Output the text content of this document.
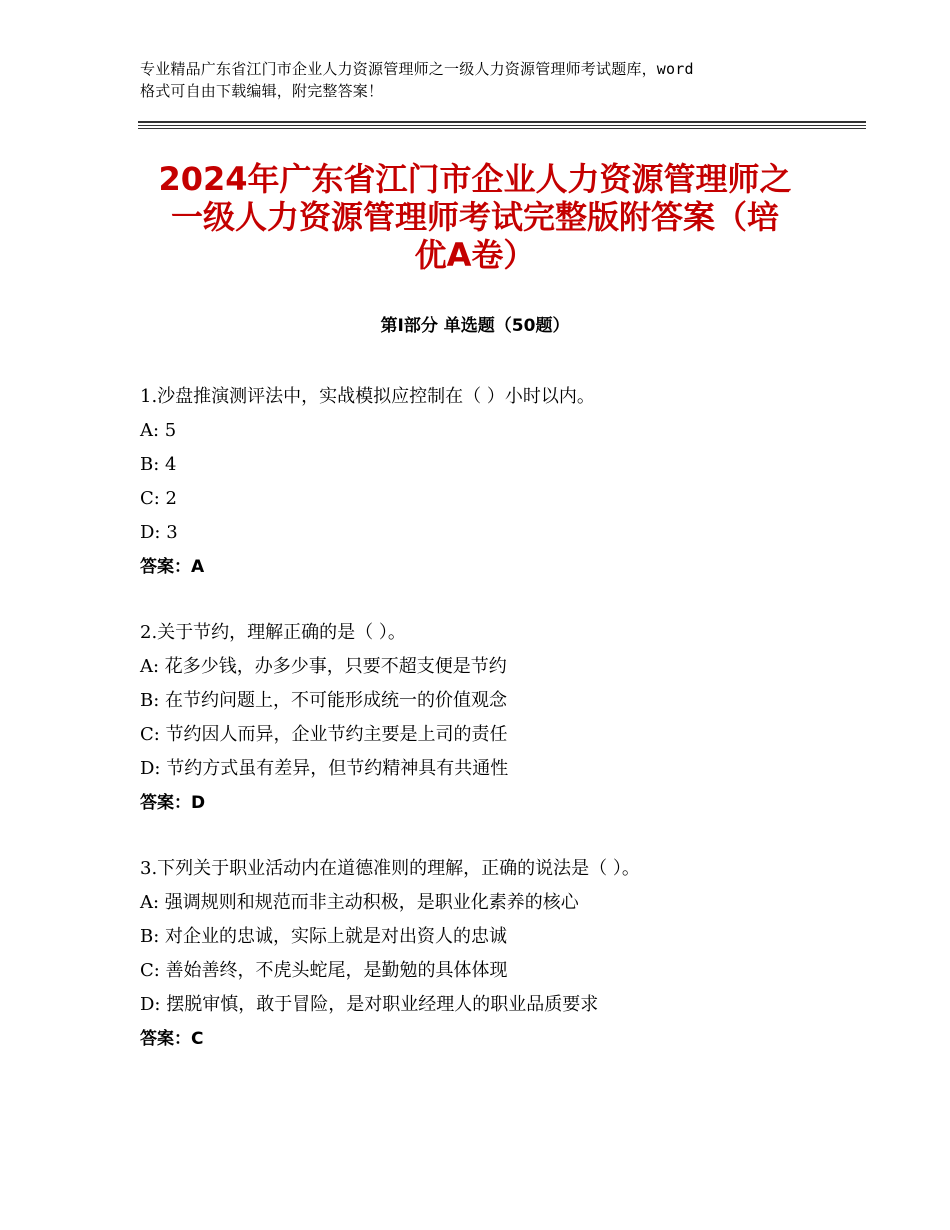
专业精品广东省江门市企业人力资源管理师之一级人力资源管理师考试题库，word
格式可自由下载编辑，附完整答案！
2024年广东省江门市企业人力资源管理师之
一级人力资源管理师考试完整版附答案（培
优A卷）
第Ⅰ部分 单选题（50题）
1.沙盘推演测评法中，实战模拟应控制在（ ）小时以内。
A: 5
B: 4
C: 2
D: 3
答案：A
2.关于节约，理解正确的是（ ）。
A: 花多少钱，办多少事，只要不超支便是节约
B: 在节约问题上，不可能形成统一的价值观念
C: 节约因人而异，企业节约主要是上司的责任
D: 节约方式虽有差异，但节约精神具有共通性
答案：D
3.下列关于职业活动内在道德准则的理解，正确的说法是（ ）。
A: 强调规则和规范而非主动积极，是职业化素养的核心
B: 对企业的忠诚，实际上就是对出资人的忠诚
C: 善始善终，不虎头蛇尾，是勤勉的具体体现
D: 摆脱审慎，敢于冒险，是对职业经理人的职业品质要求
答案：C
